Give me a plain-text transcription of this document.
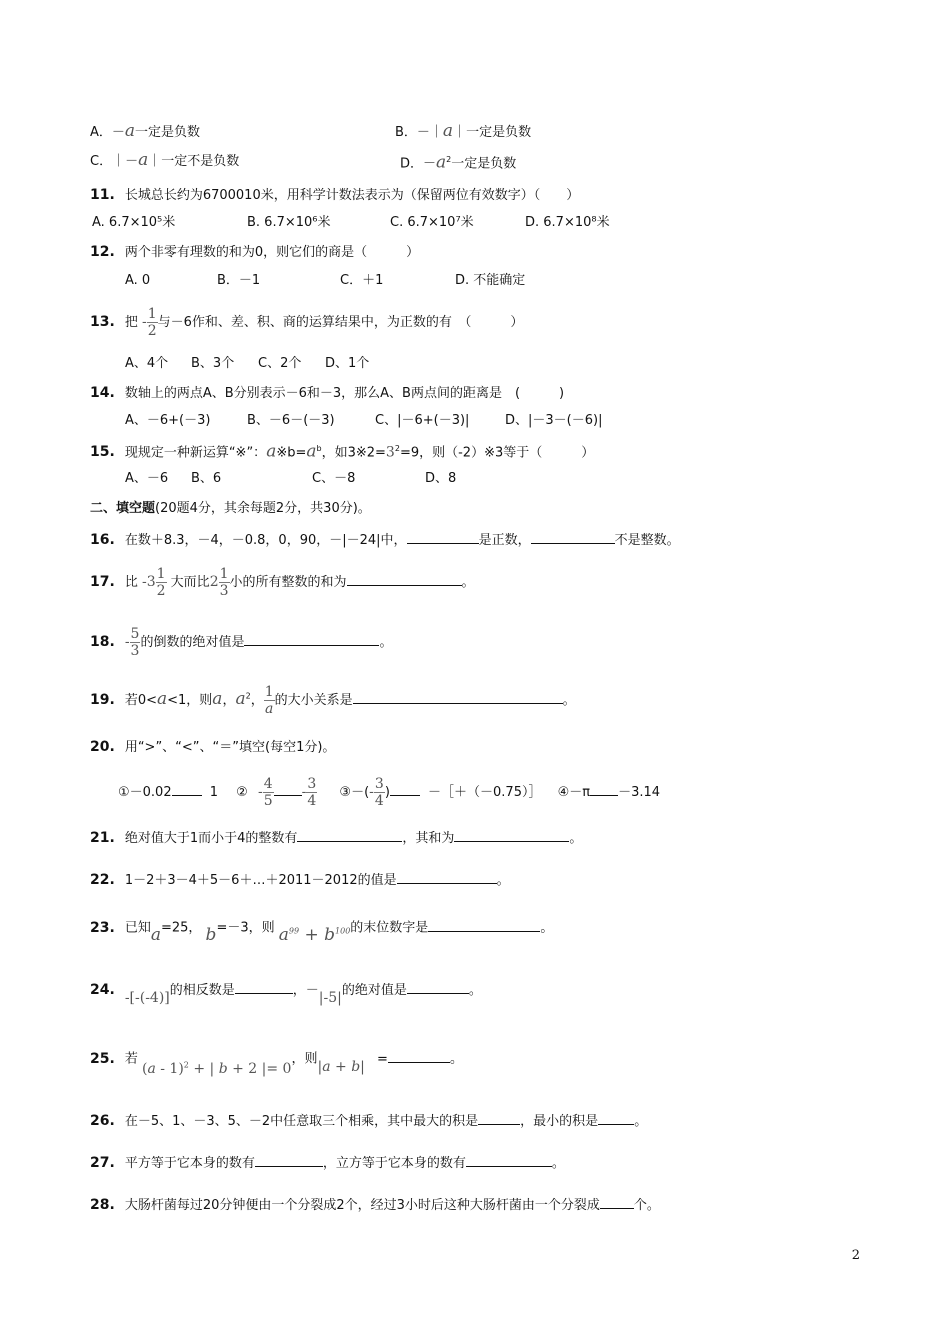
A．－a一定是负数	B．－｜a｜一定是负数
C．｜－a｜一定不是负数	D．$-a^2$一定是负数
11. 长城总长约为6700010米，用科学计数法表示为（保留两位有效数字）（　　）
A. 6.7×10⁵米	B. 6.7×10⁶米	C. 6.7×10⁷米	D. 6.7×10⁸米
12. 两个非零有理数的和为0，则它们的商是（　　　）
A. 0	B．－1	C．＋1	D. 不能确定
13. 把 - $\frac{1}{2}$ 与－6作和、差、积、商的运算结果中，为正数的有　（　　　）
A、4个 B、3个 C、2个 D、1个
14. 数轴上的两点A、B分别表示－6和－3，那么A、B两点间的距离是　(　　　)
A、－6+(－3)	B、－6－(－3)	C、|－6+(－3)|	D、|－3－(－6)|
15. 现规定一种新运算“※”：$a※b=a^b$，如$3※2=3^2=9$，则（-2）※3等于（　　　）
A、－6 B、6	C、－8	D、8
二、填空题(20题4分，其余每题2分，共30分)。
16. 在数＋8.3，－4，－0.8，0，90，－|－24|中，	是正数，	不是整数。
17. 比 $-3 \frac{1}{2}$ 大而比$2 \frac{1}{3}$ 小的所有整数的和为	。
18. - $\frac{5}{3}$ 的倒数的绝对值是	。
19. 若0<a<1，则a，$a^2$， $\frac{1}{a}$ 的大小关系是	。
20. 用“>”、“<”、“＝”填空(每空1分)。
①－0.02	1 ② - $\frac{4}{5} - \frac{3}{4}$ ③－(- $\frac{3}{4}$ )	－［＋（－0.75）］ ④－π －3.14
21. 绝对值大于1而小于4的整数有	，其和为	。
22. 1－2＋3－4＋5－6＋…＋2011－2012的值是	。
23. 已知a=25， b=－3，则 $a^{99} + b^{100}$的末位数字是	。
24. -[-(-4)]的相反数是	，－|-5|的绝对值是	。
25. 若 (a - 1)$^2$ + | b + 2 |= 0，则|a + b| =	。
26. 在－5、1、－3、5、－2中任意取三个相乘，其中最大的积是	，最小的积是	。
27. 平方等于它本身的数有	，立方等于它本身的数有	。
28. 大肠杆菌每过20分钟便由一个分裂成2个，经过3小时后这种大肠杆菌由一个分裂成	个。
2
